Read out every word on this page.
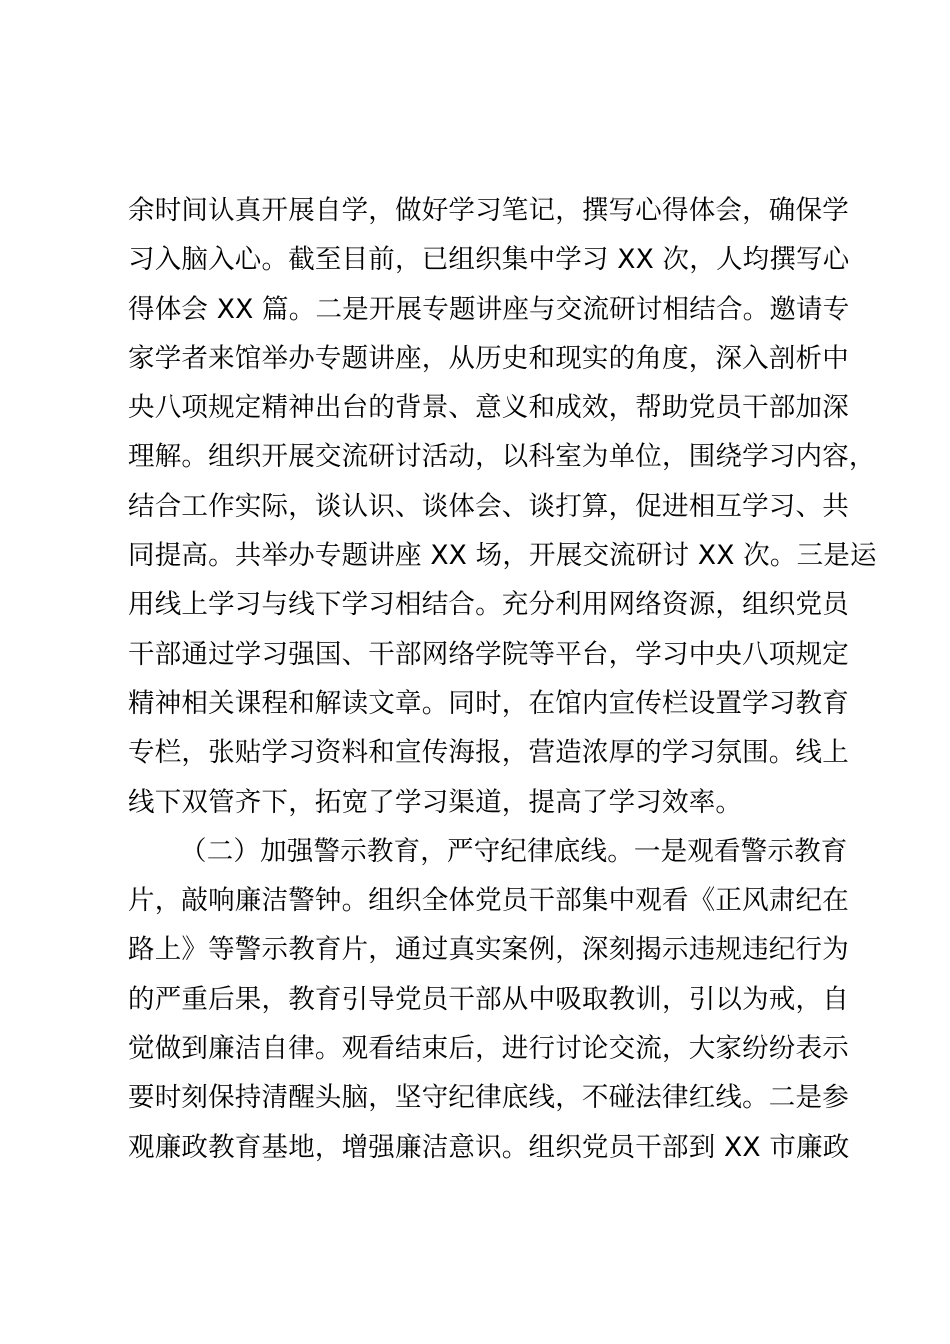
余时间认真开展自学，做好学习笔记，撰写心得体会，确保学
习入脑入心。截至目前，已组织集中学习 XX 次，人均撰写心
得体会 XX 篇。二是开展专题讲座与交流研讨相结合。邀请专
家学者来馆举办专题讲座，从历史和现实的角度，深入剖析中
央八项规定精神出台的背景、意义和成效，帮助党员干部加深
理解。组织开展交流研讨活动，以科室为单位，围绕学习内容，
结合工作实际，谈认识、谈体会、谈打算，促进相互学习、共
同提高。共举办专题讲座 XX 场，开展交流研讨 XX 次。三是运
用线上学习与线下学习相结合。充分利用网络资源，组织党员
干部通过学习强国、干部网络学院等平台，学习中央八项规定
精神相关课程和解读文章。同时，在馆内宣传栏设置学习教育
专栏，张贴学习资料和宣传海报，营造浓厚的学习氛围。线上
线下双管齐下，拓宽了学习渠道，提高了学习效率。
（二）加强警示教育，严守纪律底线。一是观看警示教育
片，敲响廉洁警钟。组织全体党员干部集中观看《正风肃纪在
路上》等警示教育片，通过真实案例，深刻揭示违规违纪行为
的严重后果，教育引导党员干部从中吸取教训，引以为戒，自
觉做到廉洁自律。观看结束后，进行讨论交流，大家纷纷表示
要时刻保持清醒头脑，坚守纪律底线，不碰法律红线。二是参
观廉政教育基地，增强廉洁意识。组织党员干部到 XX 市廉政
